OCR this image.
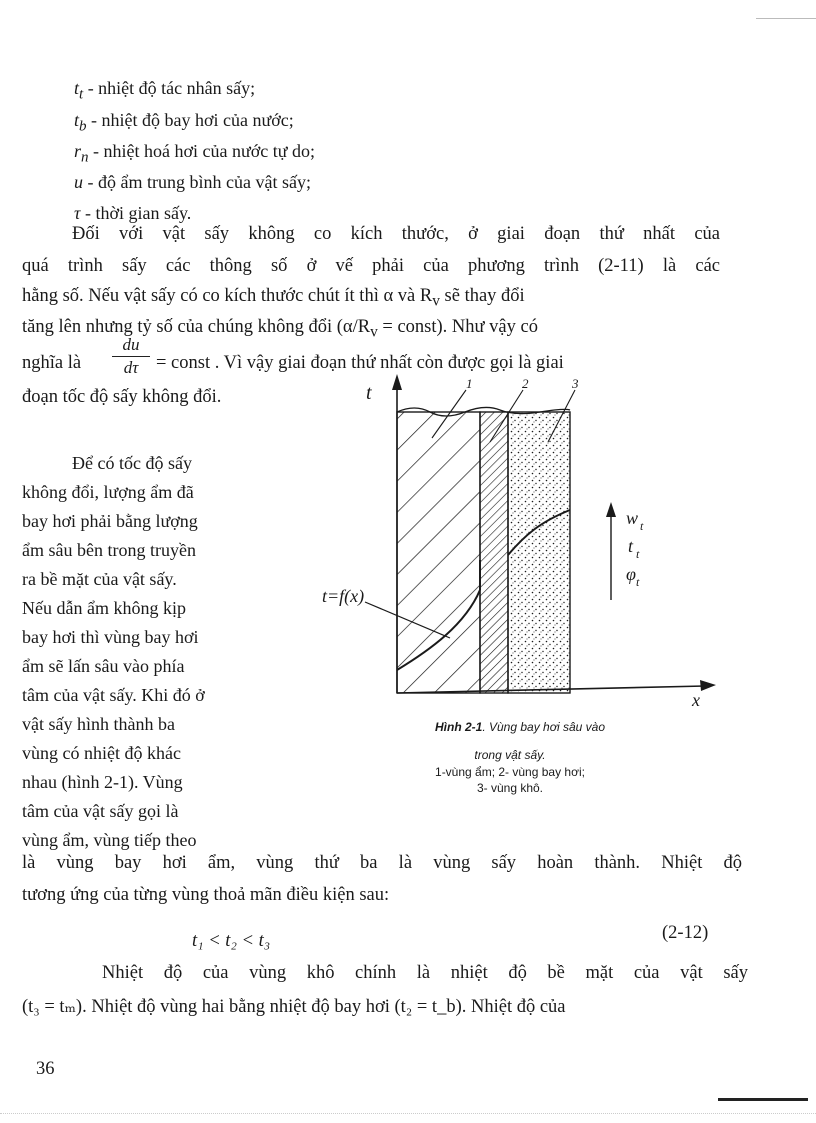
$t_t$ - nhiệt độ tác nhân sấy;
$t_b$ - nhiệt độ bay hơi của nước;
$r_n$ - nhiệt hoá hơi của nước tự do;
u - độ ẩm trung bình của vật sấy;
τ - thời gian sấy.
Đối với vật sấy không co kích thước, ở giai đoạn thứ nhất của
quá trình sấy các thông số ở vế phải của phương trình (2-11) là các
hằng số. Nếu vật sấy có co kích thước chút ít thì α và $R_v$ sẽ thay đổi
tăng lên nhưng tỷ số của chúng không đổi ($\alpha/R_v$ = const). Như vậy có
nghĩa là
du
dτ = const . Vì vậy giai đoạn thứ nhất còn được gọi là giai
đoạn tốc độ sấy không đổi.
Để có tốc độ sấy
không đổi, lượng ẩm đã
bay hơi phải bằng lượng
ẩm sâu bên trong truyền
ra bề mặt của vật sấy.
Nếu dẫn ẩm không kịp
bay hơi thì vùng bay hơi
ẩm sẽ lấn sâu vào phía
tâm của vật sấy. Khi đó ở
vật sấy hình thành ba
vùng có nhiệt độ khác
nhau (hình 2-1). Vùng
tâm của vật sấy gọi là
vùng ẩm, vùng tiếp theo
là vùng bay hơi ẩm, vùng thứ ba là vùng sấy hoàn thành. Nhiệt độ
tương ứng của từng vùng thoả mãn điều kiện sau:
t₁ < t₂ < t₃	(2-12)
Nhiệt độ của vùng khô chính là nhiệt độ bề mặt của vật sấy
(t₃ = tₘ). Nhiệt độ vùng hai bằng nhiệt độ bay hơi (t₂ = t_b). Nhiệt độ của
t
x
1	2	3
t=f(x)
w t
t t
φ t
Hình 2-1. Vùng bay hơi sâu vào
trong vật sấy.
1-vùng ẩm; 2- vùng bay hơi;
3- vùng khô.
36
